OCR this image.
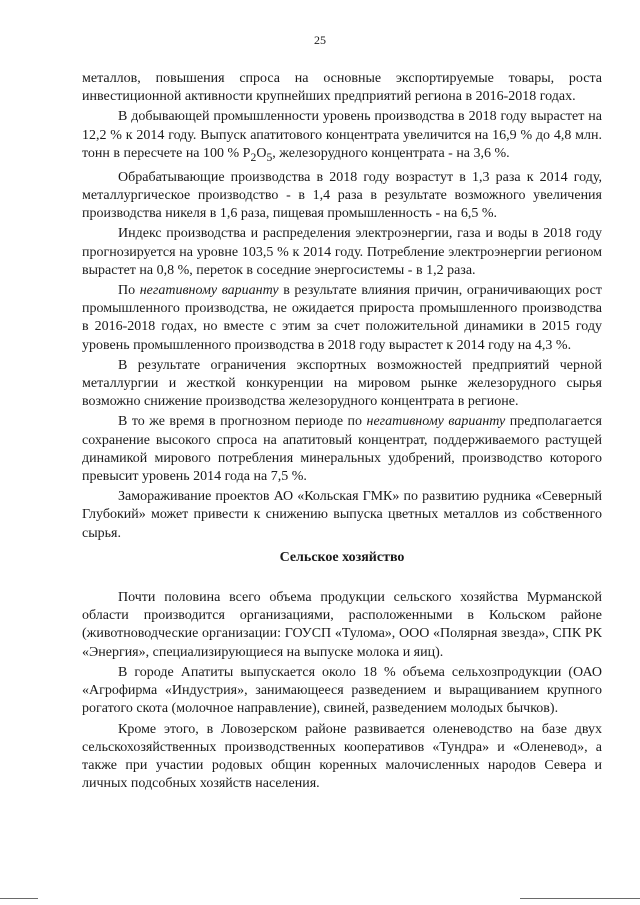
25

металлов, повышения спроса на основные экспортируемые товары, роста инвестиционной активности крупнейших предприятий региона в 2016-2018 годах.

В добывающей промышленности уровень производства в 2018 году вырастет на 12,2 % к 2014 году. Выпуск апатитового концентрата увеличится на 16,9 % до 4,8 млн. тонн в пересчете на 100 % $P_2O_5$, железорудного концентрата - на 3,6 %.

Обрабатывающие производства в 2018 году возрастут в 1,3 раза к 2014 году, металлургическое производство - в 1,4 раза в результате возможного увеличения производства никеля в 1,6 раза, пищевая промышленность - на 6,5 %.

Индекс производства и распределения электроэнергии, газа и воды в 2018 году прогнозируется на уровне 103,5 % к 2014 году. Потребление электроэнергии регионом вырастет на 0,8 %, переток в соседние энергосистемы - в 1,2 раза.

По негативному варианту в результате влияния причин, ограничивающих рост промышленного производства, не ожидается прироста промышленного производства в 2016-2018 годах, но вместе с этим за счет положительной динамики в 2015 году уровень промышленного производства в 2018 году вырастет к 2014 году на 4,3 %.

В результате ограничения экспортных возможностей предприятий черной металлургии и жесткой конкуренции на мировом рынке железорудного сырья возможно снижение производства железорудного концентрата в регионе.

В то же время в прогнозном периоде по негативному варианту предполагается сохранение высокого спроса на апатитовый концентрат, поддерживаемого растущей динамикой мирового потребления минеральных удобрений, производство которого превысит уровень 2014 года на 7,5 %.

Замораживание проектов АО «Кольская ГМК» по развитию рудника «Северный Глубокий» может привести к снижению выпуска цветных металлов из собственного сырья.

Сельское хозяйство

Почти половина всего объема продукции сельского хозяйства Мурманской области производится организациями, расположенными в Кольском районе (животноводческие организации: ГОУСП «Тулома», ООО «Полярная звезда», СПК РК «Энергия», специализирующиеся на выпуске молока и яиц).

В городе Апатиты выпускается около 18 % объема сельхозпродукции (ОАО «Агрофирма «Индустрия», занимающееся разведением и выращиванием крупного рогатого скота (молочное направление), свиней, разведением молодых бычков).

Кроме этого, в Ловозерском районе развивается оленеводство на базе двух сельскохозяйственных производственных кооперативов «Тундра» и «Оленевод», а также при участии родовых общин коренных малочисленных народов Севера и личных подсобных хозяйств населения.
